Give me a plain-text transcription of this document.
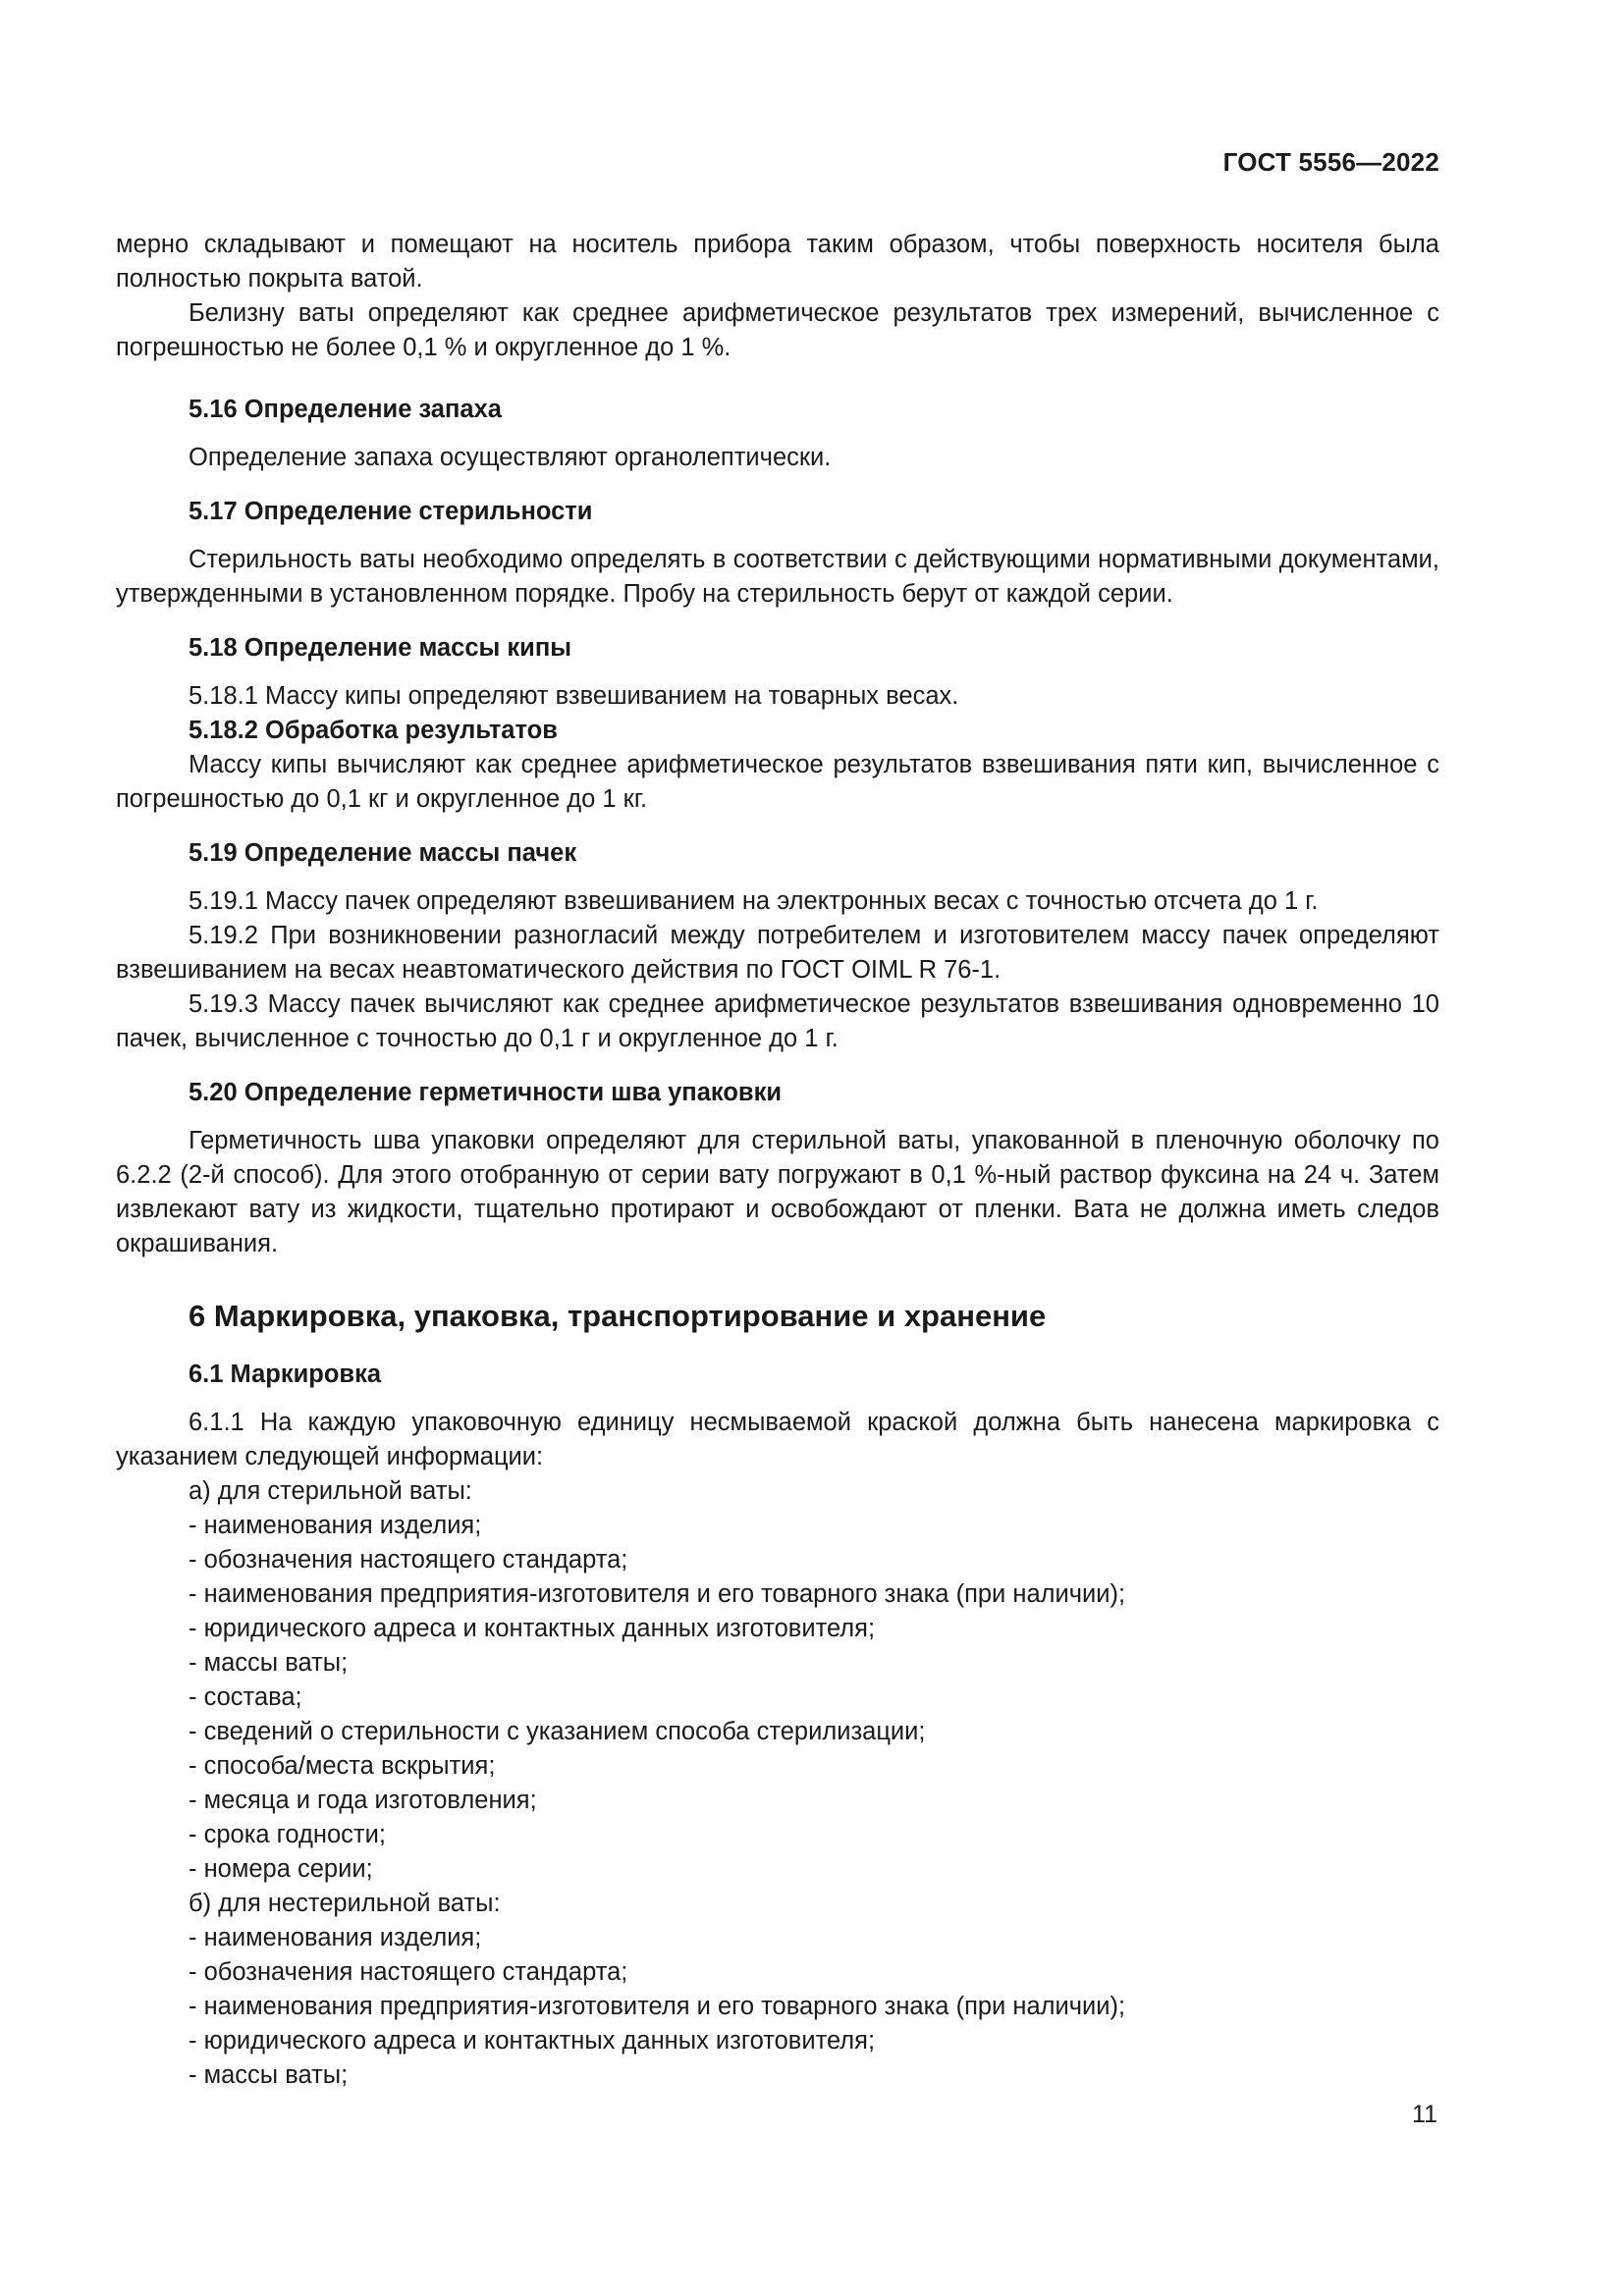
ГОСТ 5556—2022

мерно складывают и помещают на носитель прибора таким образом, чтобы поверхность носителя была полностью покрыта ватой.

Белизну ваты определяют как среднее арифметическое результатов трех измерений, вычисленное с погрешностью не более 0,1 % и округленное до 1 %.

5.16 Определение запаха

Определение запаха осуществляют органолептически.

5.17 Определение стерильности

Стерильность ваты необходимо определять в соответствии с действующими нормативными документами, утвержденными в установленном порядке. Пробу на стерильность берут от каждой серии.

5.18 Определение массы кипы

5.18.1 Массу кипы определяют взвешиванием на товарных весах.

5.18.2 Обработка результатов

Массу кипы вычисляют как среднее арифметическое результатов взвешивания пяти кип, вычисленное с погрешностью до 0,1 кг и округленное до 1 кг.

5.19 Определение массы пачек

5.19.1 Массу пачек определяют взвешиванием на электронных весах с точностью отсчета до 1 г.

5.19.2 При возникновении разногласий между потребителем и изготовителем массу пачек определяют взвешиванием на весах неавтоматического действия по ГОСТ OIML R 76-1.

5.19.3 Массу пачек вычисляют как среднее арифметическое результатов взвешивания одновременно 10 пачек, вычисленное с точностью до 0,1 г и округленное до 1 г.

5.20 Определение герметичности шва упаковки

Герметичность шва упаковки определяют для стерильной ваты, упакованной в пленочную оболочку по 6.2.2 (2-й способ). Для этого отобранную от серии вату погружают в 0,1 %-ный раствор фуксина на 24 ч. Затем извлекают вату из жидкости, тщательно протирают и освобождают от пленки. Вата не должна иметь следов окрашивания.

6 Маркировка, упаковка, транспортирование и хранение
6.1 Маркировка

6.1.1 На каждую упаковочную единицу несмываемой краской должна быть нанесена маркировка с указанием следующей информации:

а) для стерильной ваты:

- наименования изделия;
- обозначения настоящего стандарта;
- наименования предприятия-изготовителя и его товарного знака (при наличии);
- юридического адреса и контактных данных изготовителя;
- массы ваты;
- состава;
- сведений о стерильности с указанием способа стерилизации;
- способа/места вскрытия;
- месяца и года изготовления;
- срока годности;
- номера серии;

б) для нестерильной ваты:

- наименования изделия;
- обозначения настоящего стандарта;
- наименования предприятия-изготовителя и его товарного знака (при наличии);
- юридического адреса и контактных данных изготовителя;
- массы ваты;
11
